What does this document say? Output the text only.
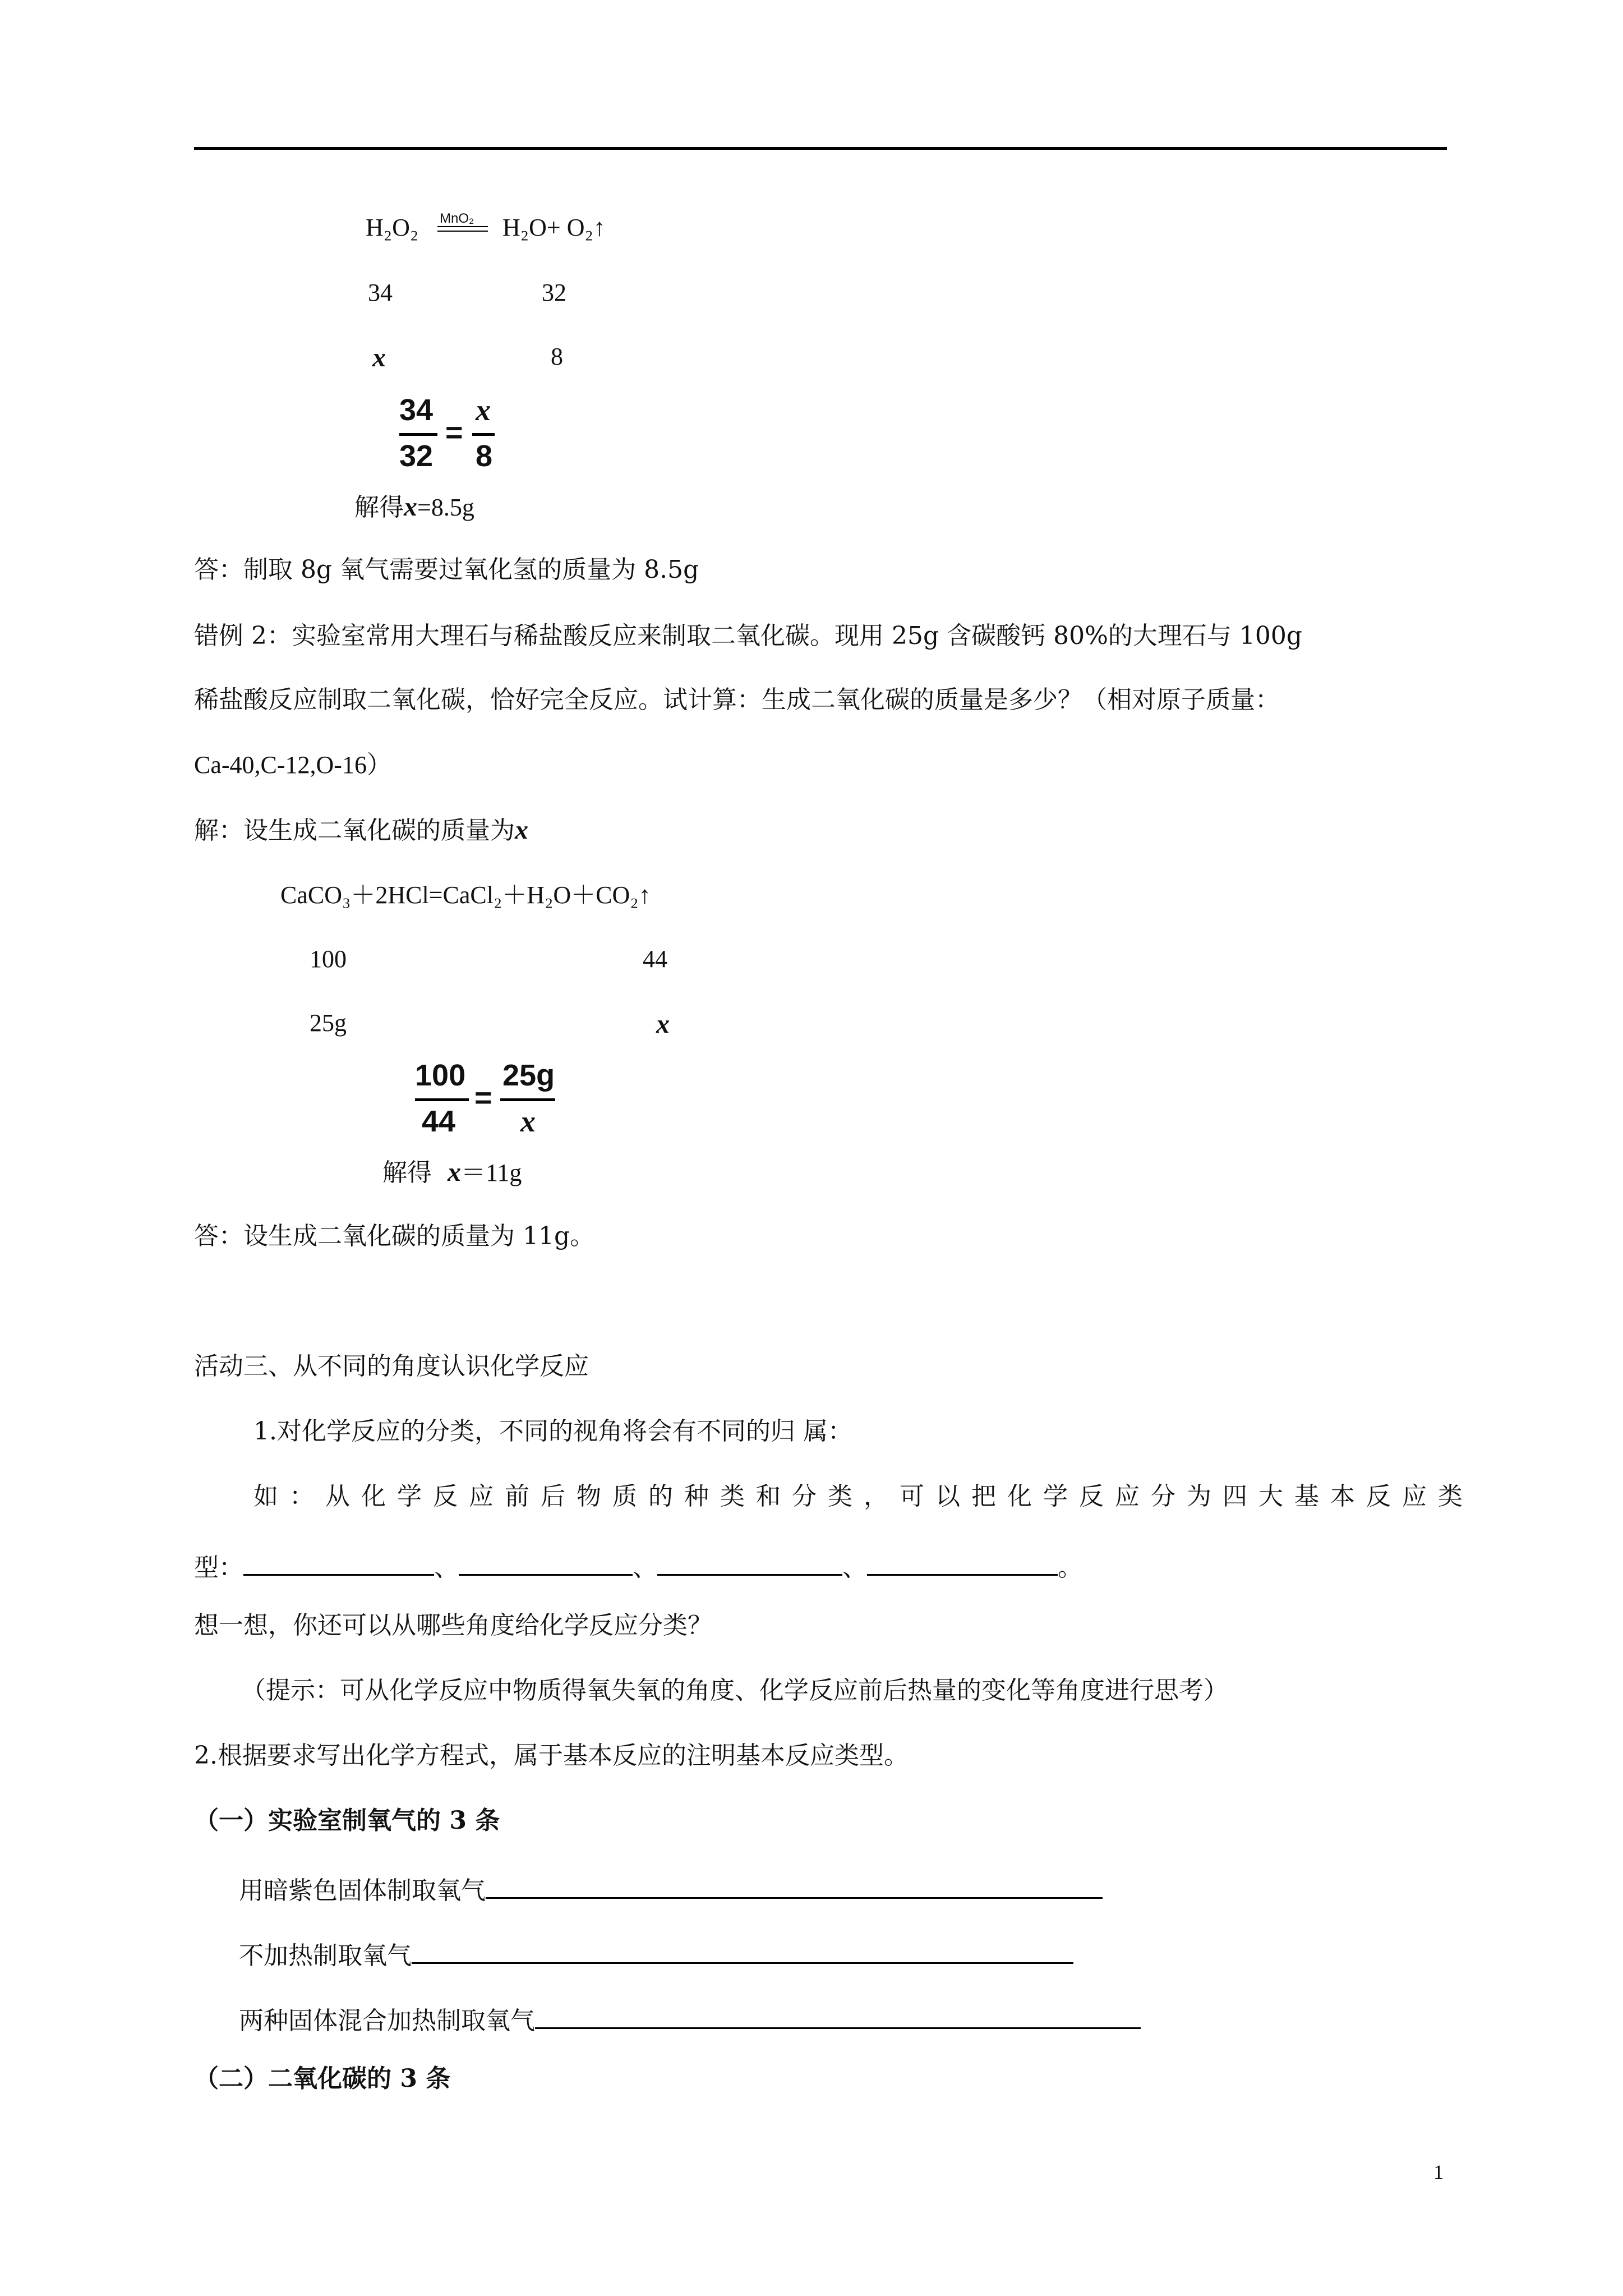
H₂O₂ MnO₂ H₂O+ O₂↑
34	32
x	8
34
32
=
x
8
解得x=8.5g
答：制取 8g 氧气需要过氧化氢的质量为 8.5g
错例 2：实验室常用大理石与稀盐酸反应来制取二氧化碳。现用 25g 含碳酸钙 80%的大理石与 100g
稀盐酸反应制取二氧化碳，恰好完全反应。试计算：生成二氧化碳的质量是多少？（相对原子质量：
Ca-40,C-12,O-16）
解：设生成二氧化碳的质量为x
CaCO₃＋2HCl=CaCl₂＋H₂O＋CO₂↑
100	44
25g	x
100
44
=
25g
x
解得 x＝11g
答：设生成二氧化碳的质量为 11g。
活动三、从不同的角度认识化学反应
1.对化学反应的分类，不同的视角将会有不同的归 属：
如：从化学反应前后物质的种类和分类，可以把化学反应分为四大基本反应类
型：	、	、	、	。
想一想，你还可以从哪些角度给化学反应分类？
（提示：可从化学反应中物质得氧失氧的角度、化学反应前后热量的变化等角度进行思考）
2.根据要求写出化学方程式，属于基本反应的注明基本反应类型。
（一）实验室制氧气的 3 条
用暗紫色固体制取氧气
不加热制取氧气
两种固体混合加热制取氧气
（二）二氧化碳的 3 条
1
